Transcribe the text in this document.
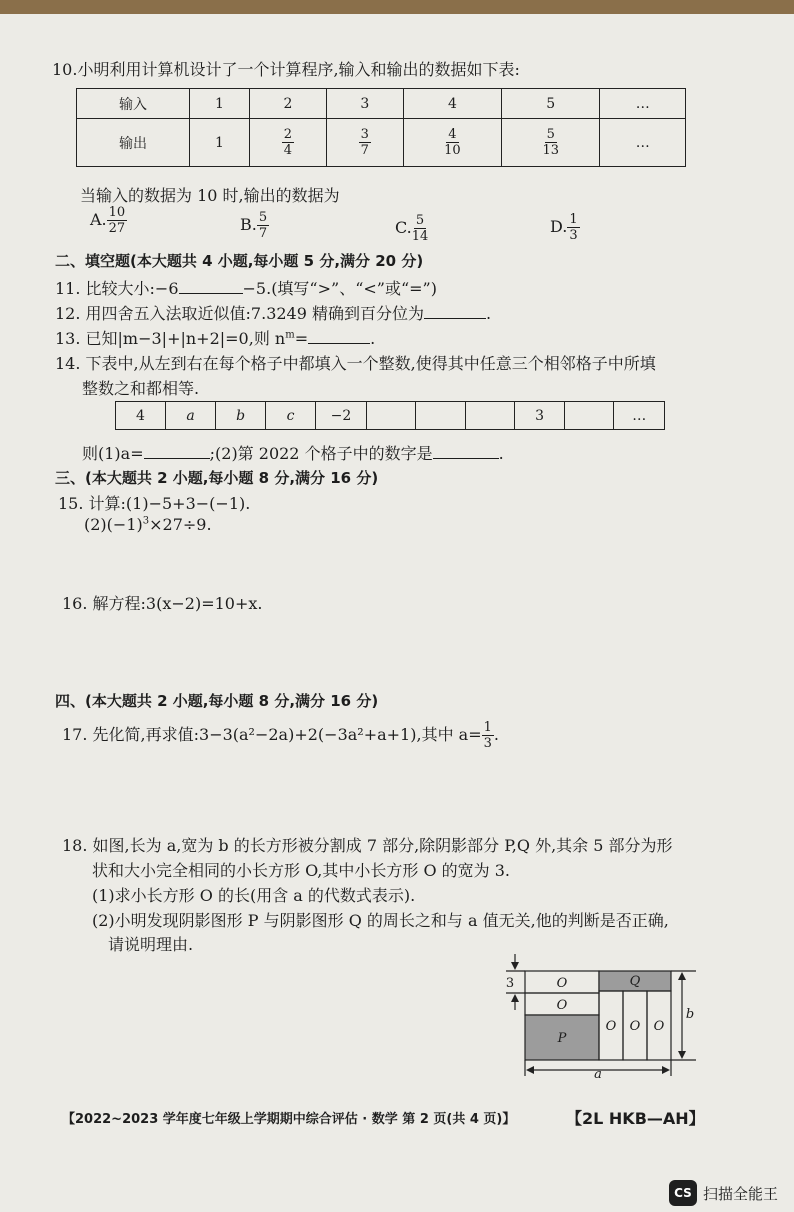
10.小明利用计算机设计了一个计算程序,输入和输出的数据如下表:
输入	1	2	3	4	5	…
输出	1	$\frac{2}{4}$	$\frac{3}{7}$	$\frac{4}{10}$	$\frac{5}{13}$	…
当输入的数据为 10 时,输出的数据为
A. $\frac{10}{27}$	B. $\frac{5}{7}$	C. $\frac{5}{14}$	D. $\frac{1}{3}$
二、填空题(本大题共 4 小题,每小题 5 分,满分 20 分)
11. 比较大小:−6	−5.(填写“>”、“<”或“=”)
12. 用四舍五入法取近似值:7.3249 精确到百分位为	.
13. 已知|m−3|+|n+2|=0,则 $n^m=$	.
14. 下表中,从左到右在每个格子中都填入一个整数,使得其中任意三个相邻格子中所填
整数之和都相等.
4	a	b	c	−2				3		…
则(1)a=	;(2)第 2022 个格子中的数字是	.
三、(本大题共 2 小题,每小题 8 分,满分 16 分)
15. 计算:(1)−5+3−(−1).
$(2)(-1)^3\times 27\div 9$.
16. 解方程:3(x−2)=10+x.
四、(本大题共 2 小题,每小题 8 分,满分 16 分)
17. 先化简,再求值:3−3(a²−2a)+2(−3a²+a+1),其中 $a= \frac{1}{3}$ .
18. 如图,长为 a,宽为 b 的长方形被分割成 7 部分,除阴影部分 P,Q 外,其余 5 部分为形
状和大小完全相同的小长方形 O,其中小长方形 O 的宽为 3.
(1)求小长方形 O 的长(用含 a 的代数式表示).
(2)小明发现阴影图形 P 与阴影图形 Q 的周长之和与 a 值无关,他的判断是否正确,
请说明理由.
3	O
O
P
Q
O O O
b
a
【2022~2023 学年度七年级上学期期中综合评估 · 数学 第 2 页(共 4 页)】	【2L HKB—AH】
CS 扫描全能王
